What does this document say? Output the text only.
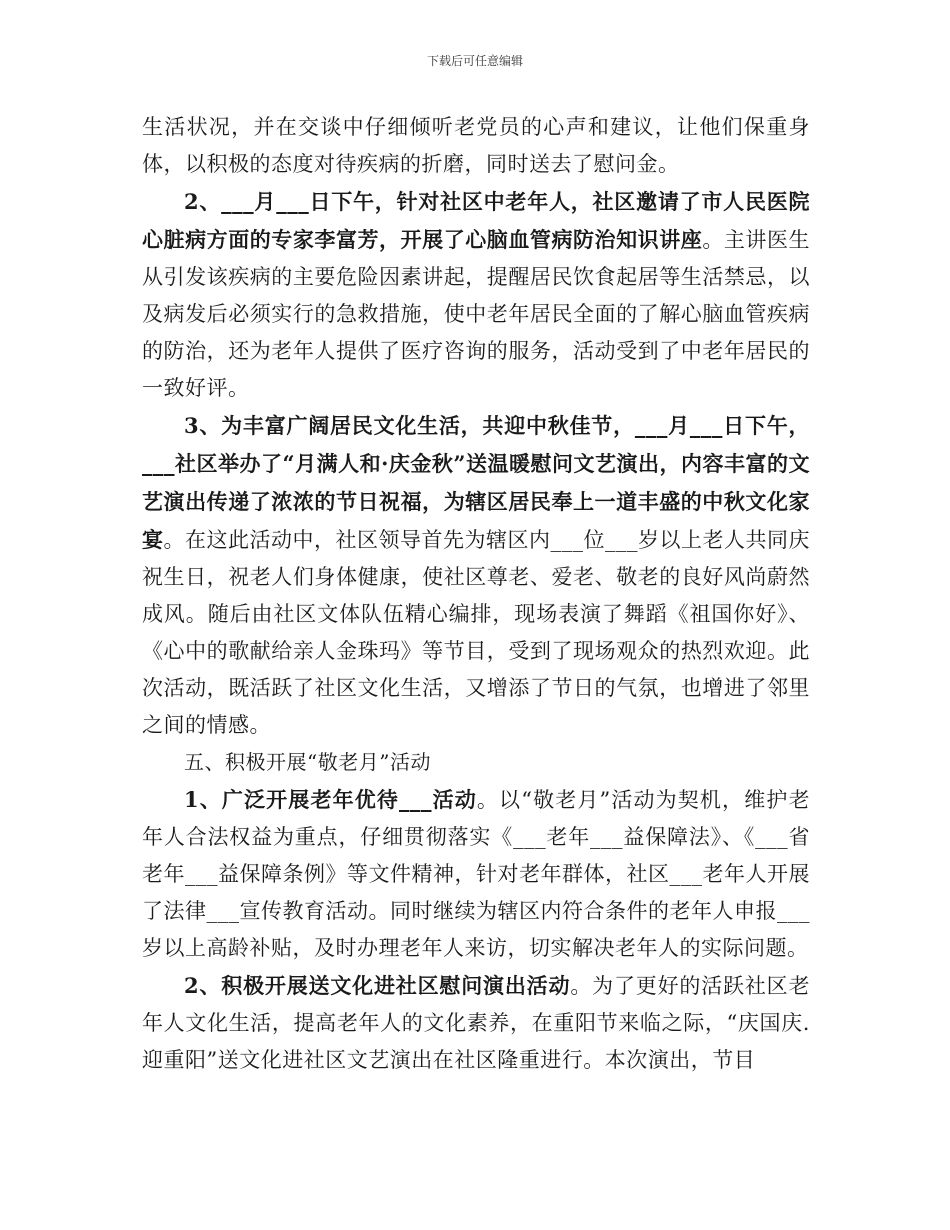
下载后可任意编辑

生活状况，并在交谈中仔细倾听老党员的心声和建议，让他们保重身体，以积极的态度对待疾病的折磨，同时送去了慰问金。

2、___月___日下午，针对社区中老年人，社区邀请了市人民医院心脏病方面的专家李富芳，开展了心脑血管病防治知识讲座。主讲医生从引发该疾病的主要危险因素讲起，提醒居民饮食起居等生活禁忌，以及病发后必须实行的急救措施，使中老年居民全面的了解心脑血管疾病的防治，还为老年人提供了医疗咨询的服务，活动受到了中老年居民的一致好评。

3、为丰富广阔居民文化生活，共迎中秋佳节，___月___日下午，___社区举办了“月满人和·庆金秋”送温暖慰问文艺演出，内容丰富的文艺演出传递了浓浓的节日祝福，为辖区居民奉上一道丰盛的中秋文化家宴。在这此活动中，社区领导首先为辖区内___位___岁以上老人共同庆祝生日，祝老人们身体健康，使社区尊老、爱老、敬老的良好风尚蔚然成风。随后由社区文体队伍精心编排，现场表演了舞蹈《祖国你好》、《心中的歌献给亲人金珠玛》等节目，受到了现场观众的热烈欢迎。此次活动，既活跃了社区文化生活，又增添了节日的气氛，也增进了邻里之间的情感。

五、积极开展“敬老月”活动

1、广泛开展老年优待___活动。以“敬老月”活动为契机，维护老年人合法权益为重点，仔细贯彻落实《___老年___益保障法》、《___省老年___益保障条例》等文件精神，针对老年群体，社区___老年人开展了法律___宣传教育活动。同时继续为辖区内符合条件的老年人申报___岁以上高龄补贴，及时办理老年人来访，切实解决老年人的实际问题。

2、积极开展送文化进社区慰问演出活动。为了更好的活跃社区老年人文化生活，提高老年人的文化素养，在重阳节来临之际，“庆国庆.迎重阳”送文化进社区文艺演出在社区隆重进行。本次演出，节目
